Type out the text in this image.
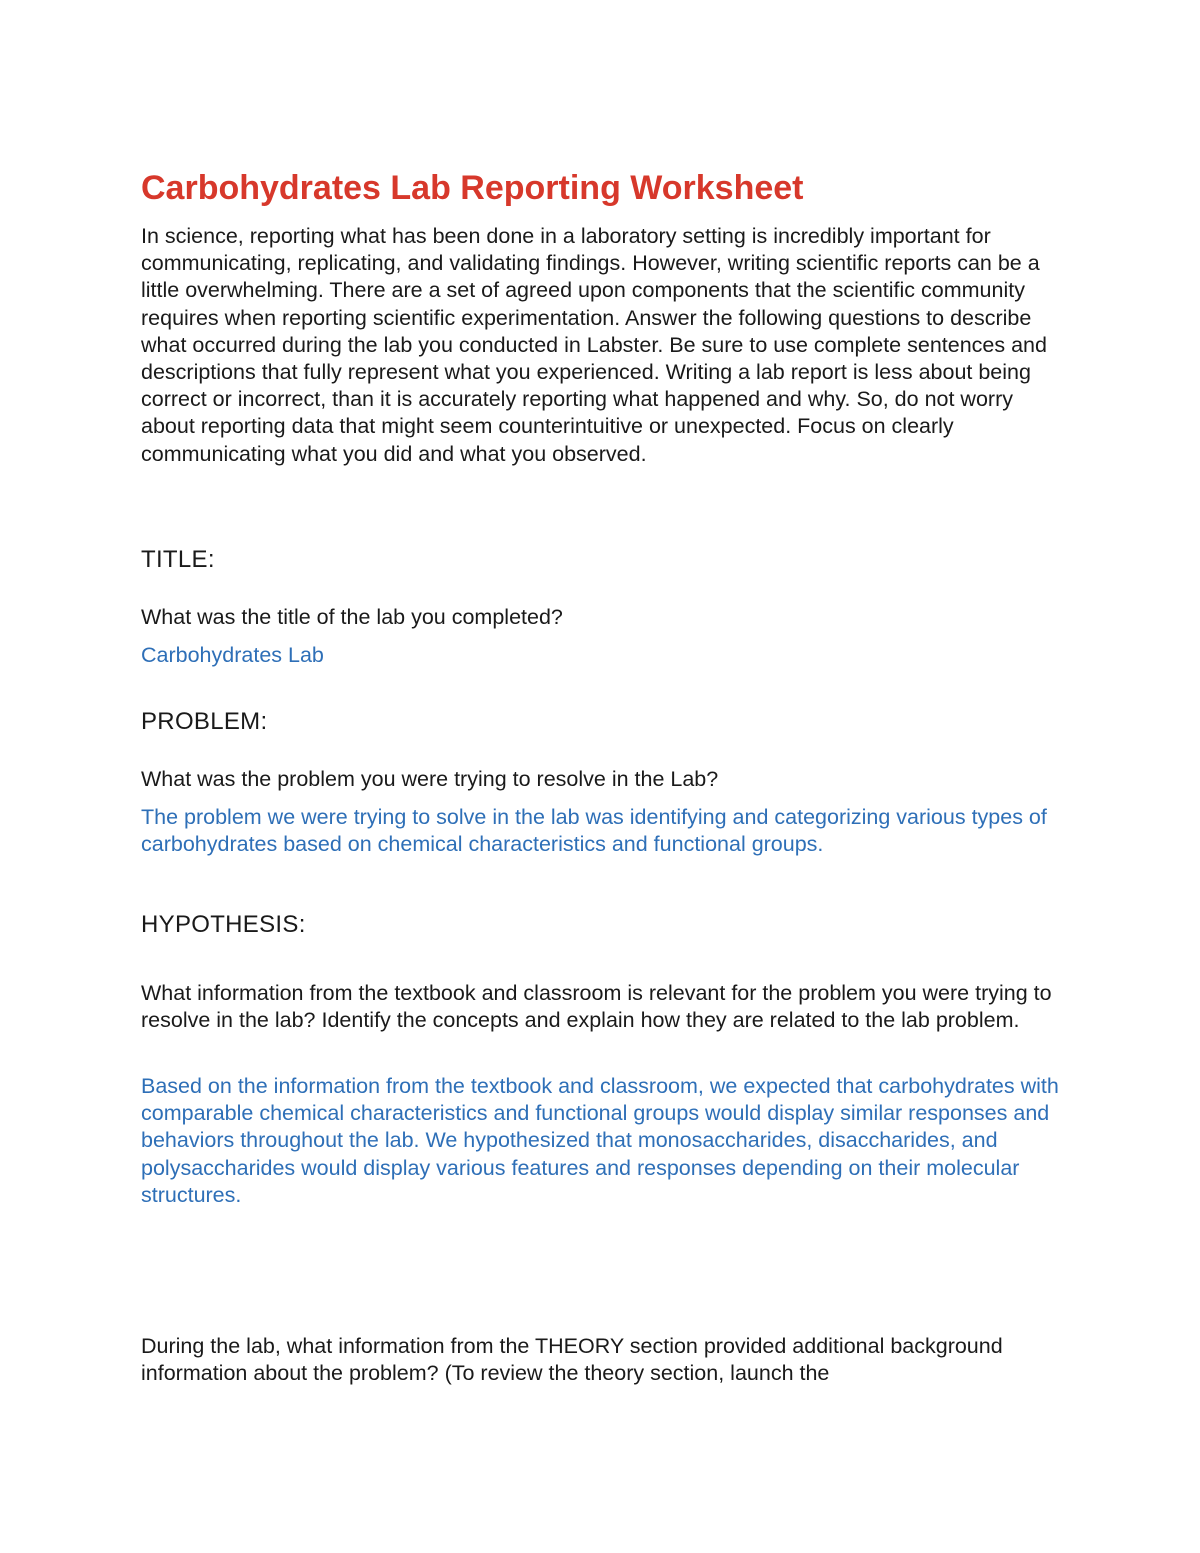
Carbohydrates Lab Reporting Worksheet

In science, reporting what has been done in a laboratory setting is incredibly important for communicating, replicating, and validating findings. However, writing scientific reports can be a little overwhelming. There are a set of agreed upon components that the scientific community requires when reporting scientific experimentation. Answer the following questions to describe what occurred during the lab you conducted in Labster. Be sure to use complete sentences and descriptions that fully represent what you experienced. Writing a lab report is less about being correct or incorrect, than it is accurately reporting what happened and why. So, do not worry about reporting data that might seem counterintuitive or unexpected. Focus on clearly communicating what you did and what you observed.

TITLE:

What was the title of the lab you completed?

Carbohydrates Lab

PROBLEM:

What was the problem you were trying to resolve in the Lab?

The problem we were trying to solve in the lab was identifying and categorizing various types of carbohydrates based on chemical characteristics and functional groups.

HYPOTHESIS:

What information from the textbook and classroom is relevant for the problem you were trying to resolve in the lab? Identify the concepts and explain how they are related to the lab problem.

Based on the information from the textbook and classroom, we expected that carbohydrates with comparable chemical characteristics and functional groups would display similar responses and behaviors throughout the lab. We hypothesized that monosaccharides, disaccharides, and polysaccharides would display various features and responses depending on their molecular structures.

During the lab, what information from the THEORY section provided additional background information about the problem? (To review the theory section, launch the
